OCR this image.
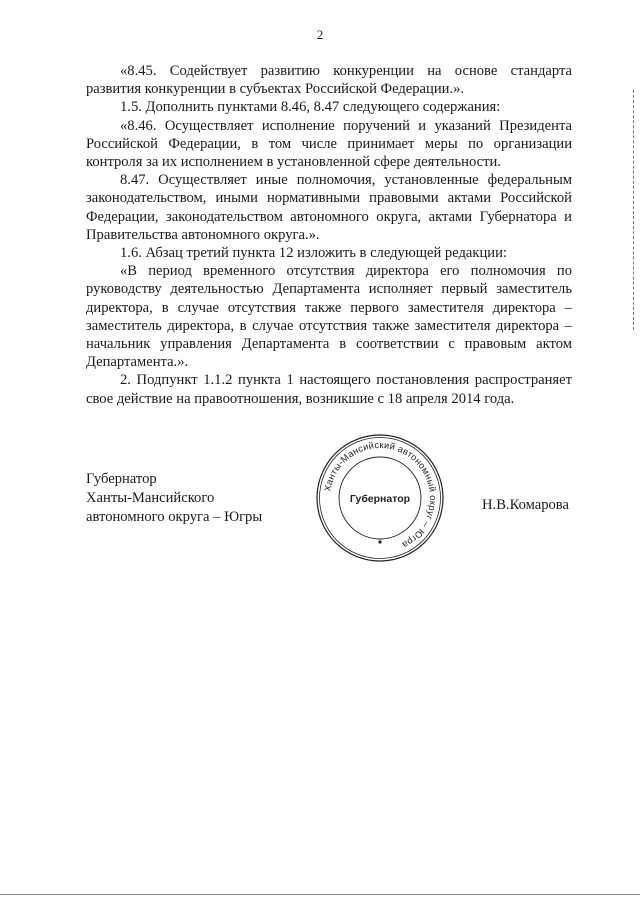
2

«8.45. Содействует развитию конкуренции на основе стандарта развития конкуренции в субъектах Российской Федерации.».

1.5. Дополнить пунктами 8.46, 8.47 следующего содержания:

«8.46. Осуществляет исполнение поручений и указаний Президента Российской Федерации, в том числе принимает меры по организации контроля за их исполнением в установленной сфере деятельности.

8.47. Осуществляет иные полномочия, установленные федеральным законодательством, иными нормативными правовыми актами Российской Федерации, законодательством автономного округа, актами Губернатора и Правительства автономного округа.».

1.6. Абзац третий пункта 12 изложить в следующей редакции:

«В период временного отсутствия директора его полномочия по руководству деятельностью Департамента исполняет первый заместитель директора, в случае отсутствия также первого заместителя директора – заместитель директора, в случае отсутствия также заместителя директора – начальник управления Департамента в соответствии с правовым актом Департамента.».

2. Подпункт 1.1.2 пункта 1 настоящего постановления распространяет свое действие на правоотношения, возникшие с 18 апреля 2014 года.

Губернатор
Ханты-Мансийского
автономного округа – Югры
Ханты-Мансийский автономный округ – Югра
Губернатор	Н.В.Комарова
